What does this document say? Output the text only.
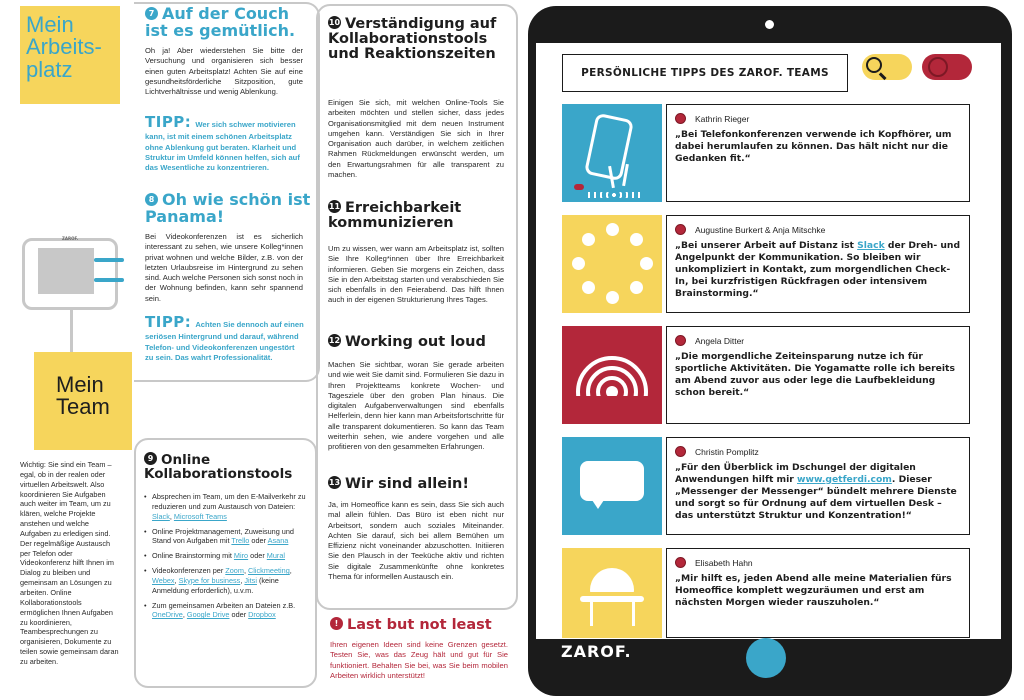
Mein Arbeits-platz
7 Auf der Couch ist es gemütlich.
Oh ja! Aber wiederstehen Sie bitte der Versuchung und organisieren sich besser einen guten Arbeitsplatz! Achten Sie auf eine gesundheitsförderliche Sitzposition, gute Lichtverhältnisse und wenig Ablenkung.
TIPP: Wer sich schwer motivieren kann, ist mit einem schönen Arbeitsplatz ohne Ablenkung gut beraten. Klarheit und Struktur im Umfeld können helfen, sich auf das Wesentliche zu konzentrieren.
8 Oh wie schön ist Panama!
Bei Videokonferenzen ist es sicherlich interessant zu sehen, wie unsere Kolleg*innen privat wohnen und welche Bilder, z.B. von der letzten Urlaubsreise im Hintergrund zu sehen sind. Auch welche Personen sich sonst noch in der Wohnung befinden, kann sehr spannend sein.
TIPP: Achten Sie dennoch auf einen seriösen Hintergrund und darauf, während Telefon- und Videokonferenzen ungestört zu sein. Das wahrt Professionalität.
ZAROF.
Mein Team
Wichtig: Sie sind ein Team – egal, ob in der realen oder virtuellen Arbeitswelt. Also koordinieren Sie Aufgaben auch weiter im Team, um zu klären, welche Projekte anstehen und welche Aufgaben zu erledigen sind. Der regelmäßige Austausch per Telefon oder Videokonferenz hilft Ihnen im Dialog zu bleiben und gemeinsam an Lösungen zu arbeiten. Online Kollaborationstools ermöglichen Ihnen Aufgaben zu koordinieren, Teambesprechungen zu organisieren, Dokumente zu teilen sowie gemeinsam daran zu arbeiten.
9 Online Kollaborationstools
• Absprechen im Team, um den E-Mailverkehr zu reduzieren und zum Austausch von Dateien: Slack, Microsoft Teams
• Online Projektmanagement, Zuweisung und Stand von Aufgaben mit Trello oder Asana
• Online Brainstorming mit Miro oder Mural
• Videokonferenzen per Zoom, Clickmeeting, Webex, Skype for business, Jitsi (keine Anmeldung erforderlich), u.v.m.
• Zum gemeinsamen Arbeiten an Dateien z.B. OneDrive, Google Drive oder Dropbox
10 Verständigung auf Kollaborationstools und Reaktionszeiten
Einigen Sie sich, mit welchen Online-Tools Sie arbeiten möchten und stellen sicher, dass jedes Organisationsmitglied mit dem neuen Instrument umgehen kann. Verständigen Sie sich in Ihrer Organisation auch darüber, in welchem zeitlichen Rahmen Rückmeldungen erwünscht werden, um den Erwartungsrahmen für alle transparent zu machen.
11 Erreichbarkeit kommunizieren
Um zu wissen, wer wann am Arbeitsplatz ist, sollten Sie Ihre Kolleg*innen über Ihre Erreichbarkeit informieren. Geben Sie morgens ein Zeichen, dass Sie in den Arbeitstag starten und verabschieden Sie sich ebenfalls in den Feierabend. Das hilft Ihnen auch in der eigenen Strukturierung Ihres Tages.
12 Working out loud
Machen Sie sichtbar, woran Sie gerade arbeiten und wie weit Sie damit sind. Formulieren Sie dazu in Ihren Projektteams konkrete Wochen- und Tagesziele über den groben Plan hinaus. Die digitalen Aufgabenverwaltungen sind ebenfalls Helferlein, denn hier kann man Arbeitsfortschritte für alle transparent dokumentieren. So kann das Team weiterhin sehen, wie andere vorgehen und alle profitieren von den gesammelten Erfahrungen.
13 Wir sind allein!
Ja, im Homeoffice kann es sein, dass Sie sich auch mal allein fühlen. Das Büro ist eben nicht nur Arbeitsort, sondern auch soziales Miteinander. Achten Sie darauf, sich bei allem Bemühen um Effizienz nicht voneinander abzuschotten. Initiieren Sie den Plausch in der Teeküche aktiv und richten Sie digitale Zusammenkünfte ohne konkretes Thema für informellen Austausch ein.
! Last but not least
Ihren eigenen Ideen sind keine Grenzen gesetzt. Testen Sie, was das Zeug hält und gut für Sie funktioniert. Behalten Sie bei, was Sie beim mobilen Arbeiten wirklich unterstützt!
PERSÖNLICHE TIPPS DES ZAROF. TEAMS
Kathrin Rieger
„Bei Telefonkonferenzen verwende ich Kopfhörer, um dabei herumlaufen zu können. Das hält nicht nur die Gedanken fit.“
Augustine Burkert & Anja Mitschke
„Bei unserer Arbeit auf Distanz ist Slack der Dreh- und Angelpunkt der Kommunikation. So bleiben wir unkompliziert in Kontakt, zum morgendlichen Check-In, bei kurzfristigen Rückfragen oder intensivem Brainstorming.“
Angela Ditter
„Die morgendliche Zeiteinsparung nutze ich für sportliche Aktivitäten. Die Yogamatte rolle ich bereits am Abend zuvor aus oder lege die Laufbekleidung schon bereit.“
Christin Pomplitz
„Für den Überblick im Dschungel der digitalen Anwendungen hilft mir www.getferdi.com. Dieser „Messenger der Messenger“ bündelt mehrere Dienste und sorgt so für Ordnung auf dem virtuellen Desk – das unterstützt Struktur und Konzentration!“
Elisabeth Hahn
„Mir hilft es, jeden Abend alle meine Materialien fürs Homeoffice komplett wegzuräumen und erst am nächsten Morgen wieder rauszuholen.“
ZAROF.
